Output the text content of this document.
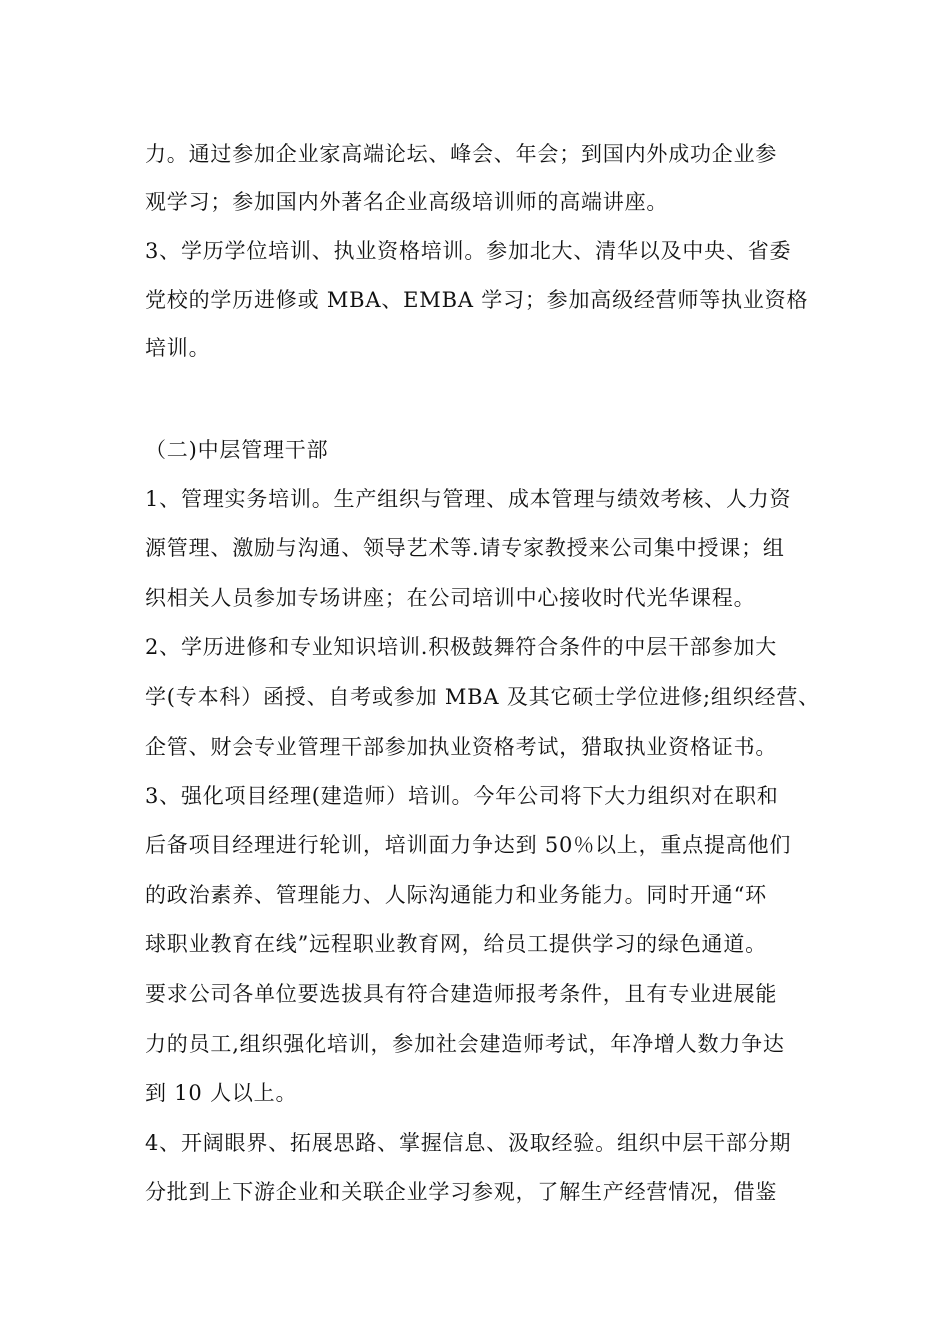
力。通过参加企业家高端论坛、峰会、年会；到国内外成功企业参
观学习；参加国内外著名企业高级培训师的高端讲座。
3、学历学位培训、执业资格培训。参加北大、清华以及中央、省委
党校的学历进修或 MBA、EMBA 学习；参加高级经营师等执业资格
培训。
（二)中层管理干部
1、管理实务培训。生产组织与管理、成本管理与绩效考核、人力资
源管理、激励与沟通、领导艺术等.请专家教授来公司集中授课；组
织相关人员参加专场讲座；在公司培训中心接收时代光华课程。
2、学历进修和专业知识培训.积极鼓舞符合条件的中层干部参加大
学(专本科）函授、自考或参加 MBA 及其它硕士学位进修;组织经营、
企管、财会专业管理干部参加执业资格考试，猎取执业资格证书。
3、强化项目经理(建造师）培训。今年公司将下大力组织对在职和
后备项目经理进行轮训，培训面力争达到 50％以上，重点提高他们
的政治素养、管理能力、人际沟通能力和业务能力。同时开通“环
球职业教育在线”远程职业教育网，给员工提供学习的绿色通道。
要求公司各单位要选拔具有符合建造师报考条件，且有专业进展能
力的员工,组织强化培训，参加社会建造师考试，年净增人数力争达
到 10 人以上。
4、开阔眼界、拓展思路、掌握信息、汲取经验。组织中层干部分期
分批到上下游企业和关联企业学习参观，了解生产经营情况，借鉴
